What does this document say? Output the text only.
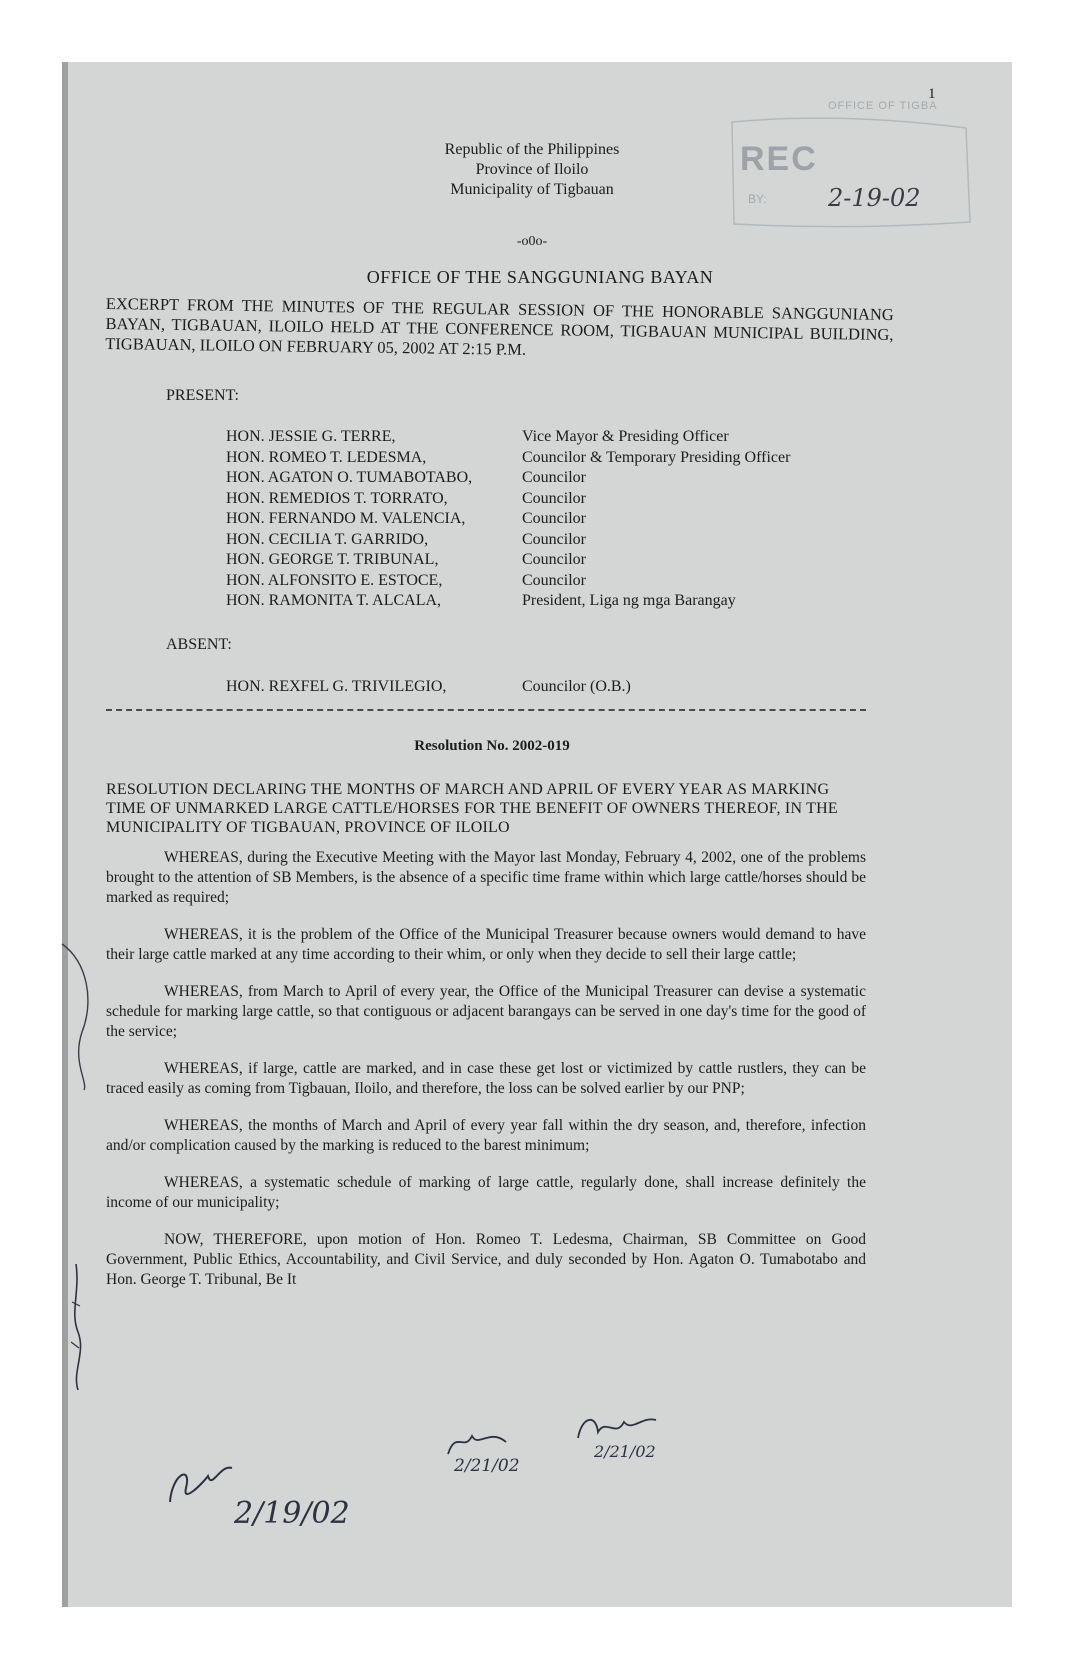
1
Republic of the Philippines
Province of Iloilo
Municipality of Tigbauan
OFFICE OF TIGBA
REC
BY:	2-19-02
-o0o-
OFFICE OF THE SANGGUNIANG BAYAN
EXCERPT FROM THE MINUTES OF THE REGULAR SESSION OF THE HONORABLE SANGGUNIANG BAYAN, TIGBAUAN, ILOILO HELD AT THE CONFERENCE ROOM, TIGBAUAN MUNICIPAL BUILDING, TIGBAUAN, ILOILO ON FEBRUARY 05, 2002 AT 2:15 P.M.
PRESENT:
HON. JESSIE G. TERRE,	Vice Mayor & Presiding Officer
HON. ROMEO T. LEDESMA,	Councilor & Temporary Presiding Officer
HON. AGATON O. TUMABOTABO,	Councilor
HON. REMEDIOS T. TORRATO,	Councilor
HON. FERNANDO M. VALENCIA,	Councilor
HON. CECILIA T. GARRIDO,	Councilor
HON. GEORGE T. TRIBUNAL,	Councilor
HON. ALFONSITO E. ESTOCE,	Councilor
HON. RAMONITA T. ALCALA,	President, Liga ng mga Barangay
ABSENT:
HON. REXFEL G. TRIVILEGIO,	Councilor (O.B.)
Resolution No. 2002-019
RESOLUTION DECLARING THE MONTHS OF MARCH AND APRIL OF EVERY YEAR AS MARKING TIME OF UNMARKED LARGE CATTLE/HORSES FOR THE BENEFIT OF OWNERS THEREOF, IN THE MUNICIPALITY OF TIGBAUAN, PROVINCE OF ILOILO

WHEREAS, during the Executive Meeting with the Mayor last Monday, February 4, 2002, one of the problems brought to the attention of SB Members, is the absence of a specific time frame within which large cattle/horses should be marked as required;

WHEREAS, it is the problem of the Office of the Municipal Treasurer because owners would demand to have their large cattle marked at any time according to their whim, or only when they decide to sell their large cattle;

WHEREAS, from March to April of every year, the Office of the Municipal Treasurer can devise a systematic schedule for marking large cattle, so that contiguous or adjacent barangays can be served in one day's time for the good of the service;

WHEREAS, if large, cattle are marked, and in case these get lost or victimized by cattle rustlers, they can be traced easily as coming from Tigbauan, Iloilo, and therefore, the loss can be solved earlier by our PNP;

WHEREAS, the months of March and April of every year fall within the dry season, and, therefore, infection and/or complication caused by the marking is reduced to the barest minimum;

WHEREAS, a systematic schedule of marking of large cattle, regularly done, shall increase definitely the income of our municipality;

NOW, THEREFORE, upon motion of Hon. Romeo T. Ledesma, Chairman, SB Committee on Good Government, Public Ethics, Accountability, and Civil Service, and duly seconded by Hon. Agaton O. Tumabotabo and Hon. George T. Tribunal, Be It

2/19/02
2/21/02
2/21/02
